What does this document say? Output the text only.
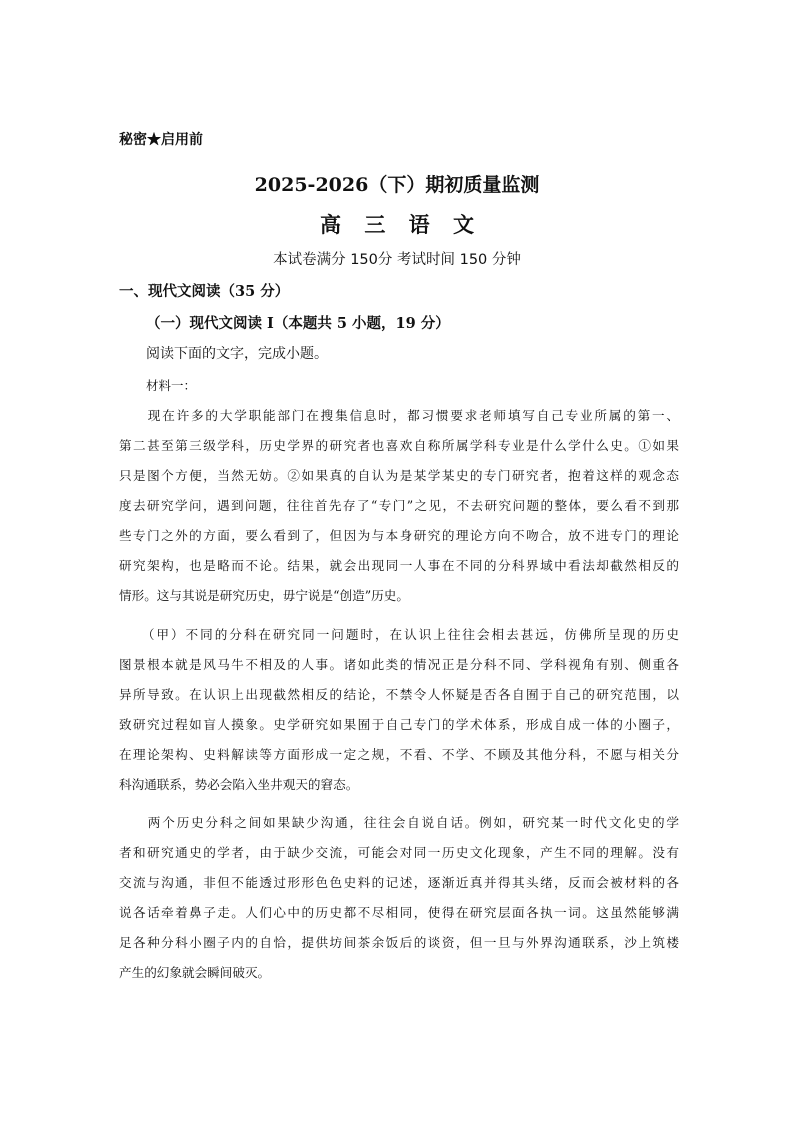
秘密★启用前
2025-2026（下）期初质量监测
高 三 语 文
本试卷满分 150分 考试时间 150 分钟
一、现代文阅读（35 分）
（一）现代文阅读 I（本题共 5 小题，19 分）
阅读下面的文字，完成小题。
材料一：
　　现在许多的大学职能部门在搜集信息时，都习惯要求老师填写自己专业所属的第一、
第二甚至第三级学科，历史学界的研究者也喜欢自称所属学科专业是什么学什么史。①如果
只是图个方便，当然无妨。②如果真的自认为是某学某史的专门研究者，抱着这样的观念态
度去研究学问，遇到问题，往往首先存了“专门”之见，不去研究问题的整体，要么看不到那
些专门之外的方面，要么看到了，但因为与本身研究的理论方向不吻合，放不进专门的理论
研究架构，也是略而不论。结果，就会出现同一人事在不同的分科界域中看法却截然相反的
情形。这与其说是研究历史，毋宁说是“创造”历史。
　　（甲）不同的分科在研究同一问题时，在认识上往往会相去甚远，仿佛所呈现的历史
图景根本就是风马牛不相及的人事。诸如此类的情况正是分科不同、学科视角有别、侧重各
异所导致。在认识上出现截然相反的结论，不禁令人怀疑是否各自囿于自己的研究范围，以
致研究过程如盲人摸象。史学研究如果囿于自己专门的学术体系，形成自成一体的小圈子，
在理论架构、史料解读等方面形成一定之规，不看、不学、不顾及其他分科，不愿与相关分
科沟通联系，势必会陷入坐井观天的窘态。
　　两个历史分科之间如果缺少沟通，往往会自说自话。例如，研究某一时代文化史的学
者和研究通史的学者，由于缺少交流，可能会对同一历史文化现象，产生不同的理解。没有
交流与沟通，非但不能透过形形色色史料的记述，逐渐近真并得其头绪，反而会被材料的各
说各话牵着鼻子走。人们心中的历史都不尽相同，使得在研究层面各执一词。这虽然能够满
足各种分科小圈子内的自恰，提供坊间茶余饭后的谈资，但一旦与外界沟通联系，沙上筑楼
产生的幻象就会瞬间破灭。
